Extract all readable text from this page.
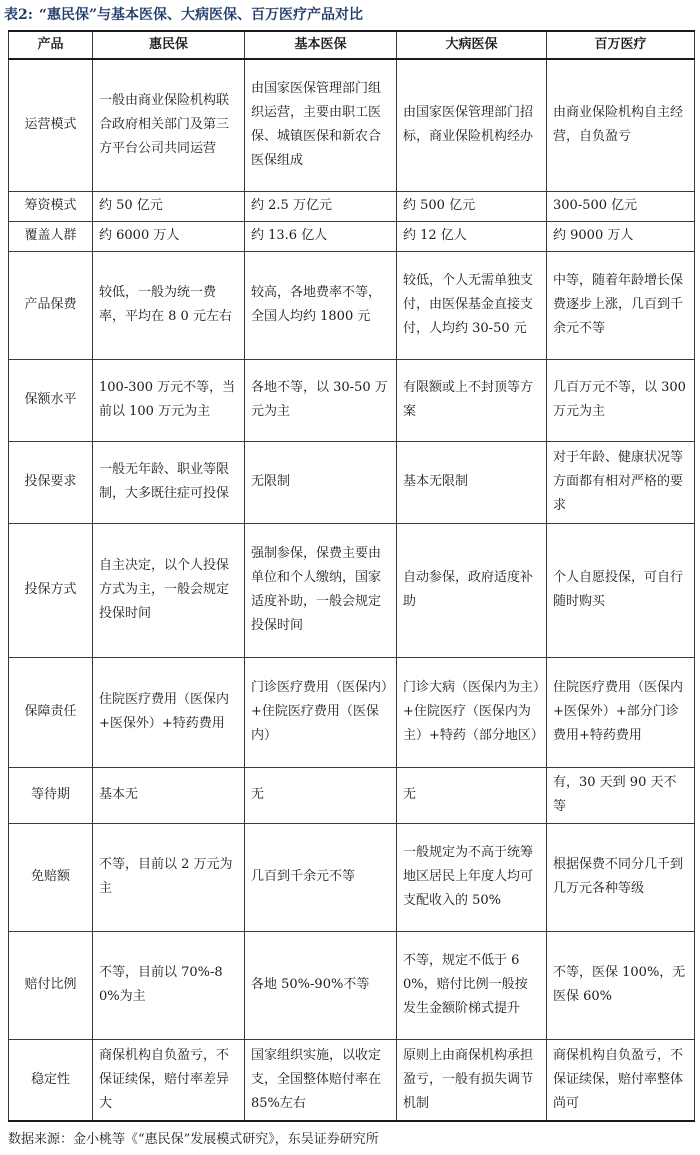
表2: “惠民保”与基本医保、大病医保、百万医疗产品对比
产品	惠民保	基本医保	大病医保	百万医疗
运营模式	一般由商业保险机构联合政府相关部门及第三方平台公司共同运营	由国家医保管理部门组织运营，主要由职工医保、城镇医保和新农合医保组成	由国家医保管理部门招标，商业保险机构经办	由商业保险机构自主经营，自负盈亏
筹资模式	约 50 亿元	约 2.5 万亿元	约 500 亿元	300-500 亿元
覆盖人群	约 6000 万人	约 13.6 亿人	约 12 亿人	约 9000 万人
产品保费	较低，一般为统一费率，平均在 8 0 元左右	较高，各地费率不等，全国人均约 1800 元	较低，个人无需单独支付，由医保基金直接支付，人均约 30-50 元	中等，随着年龄增长保费逐步上涨，几百到千余元不等
保额水平	100-300 万元不等，当前以 100 万元为主	各地不等，以 30-50 万元为主	有限额或上不封顶等方案	几百万元不等，以 300 万元为主
投保要求	一般无年龄、职业等限制，大多既往症可投保	无限制	基本无限制	对于年龄、健康状况等方面都有相对严格的要求
投保方式	自主决定，以个人投保方式为主，一般会规定投保时间	强制参保，保费主要由单位和个人缴纳，国家适度补助，一般会规定投保时间	自动参保，政府适度补助	个人自愿投保，可自行随时购买
保障责任	住院医疗费用（医保内+医保外）+特药费用	门诊医疗费用（医保内）+住院医疗费用（医保内）	门诊大病（医保内为主）+住院医疗（医保内为主）+特药（部分地区）	住院医疗费用（医保内+医保外）+部分门诊费用+特药费用
等待期	基本无	无	无	有，30 天到 90 天不等
免赔额	不等，目前以 2 万元为主	几百到千余元不等	一般规定为不高于统筹地区居民上年度人均可支配收入的 50%	根据保费不同分几千到几万元各种等级
赔付比例	不等，目前以 70%-80%为主	各地 50%-90%不等	不等，规定不低于 60%，赔付比例一般按发生金额阶梯式提升	不等，医保 100%，无医保 60%
稳定性	商保机构自负盈亏，不保证续保，赔付率差异大	国家组织实施，以收定支，全国整体赔付率在 85%左右	原则上由商保机构承担盈亏，一般有损失调节机制	商保机构自负盈亏，不保证续保，赔付率整体尚可
数据来源：金小桃等《“惠民保”发展模式研究》，东吴证券研究所
